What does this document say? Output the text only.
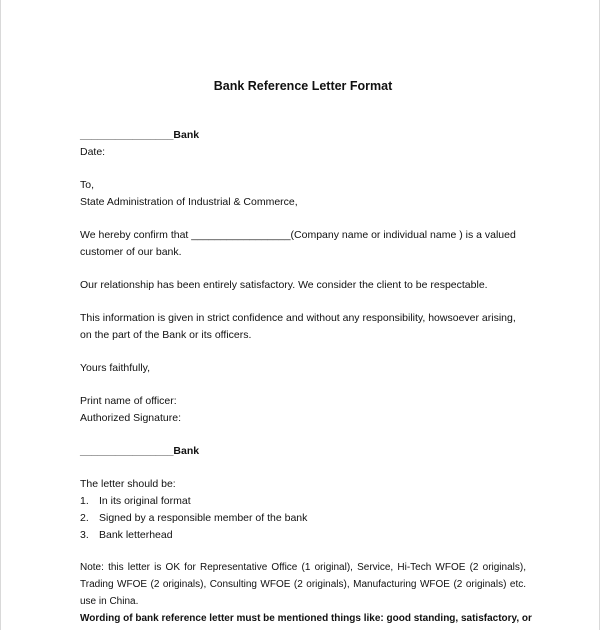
Bank Reference Letter Format
________________Bank
Date:
To,
State Administration of Industrial & Commerce,
We hereby confirm that _________________(Company name or individual name ) is a valued customer of our bank.
Our relationship has been entirely satisfactory. We consider the client to be respectable.
This information is given in strict confidence and without any responsibility, howsoever arising, on the part of the Bank or its officers.
Yours faithfully,
Print name of officer:
Authorized Signature:
________________Bank
The letter should be:
1. In its original format
2. Signed by a responsible member of the bank
3. Bank letterhead
Note: this letter is OK for Representative Office (1 original), Service, Hi-Tech WFOE (2 originals), Trading WFOE (2 originals), Consulting WFOE (2 originals), Manufacturing WFOE (2 originals) etc. use in China.
Wording of bank reference letter must be mentioned things like: good standing, satisfactory, or
